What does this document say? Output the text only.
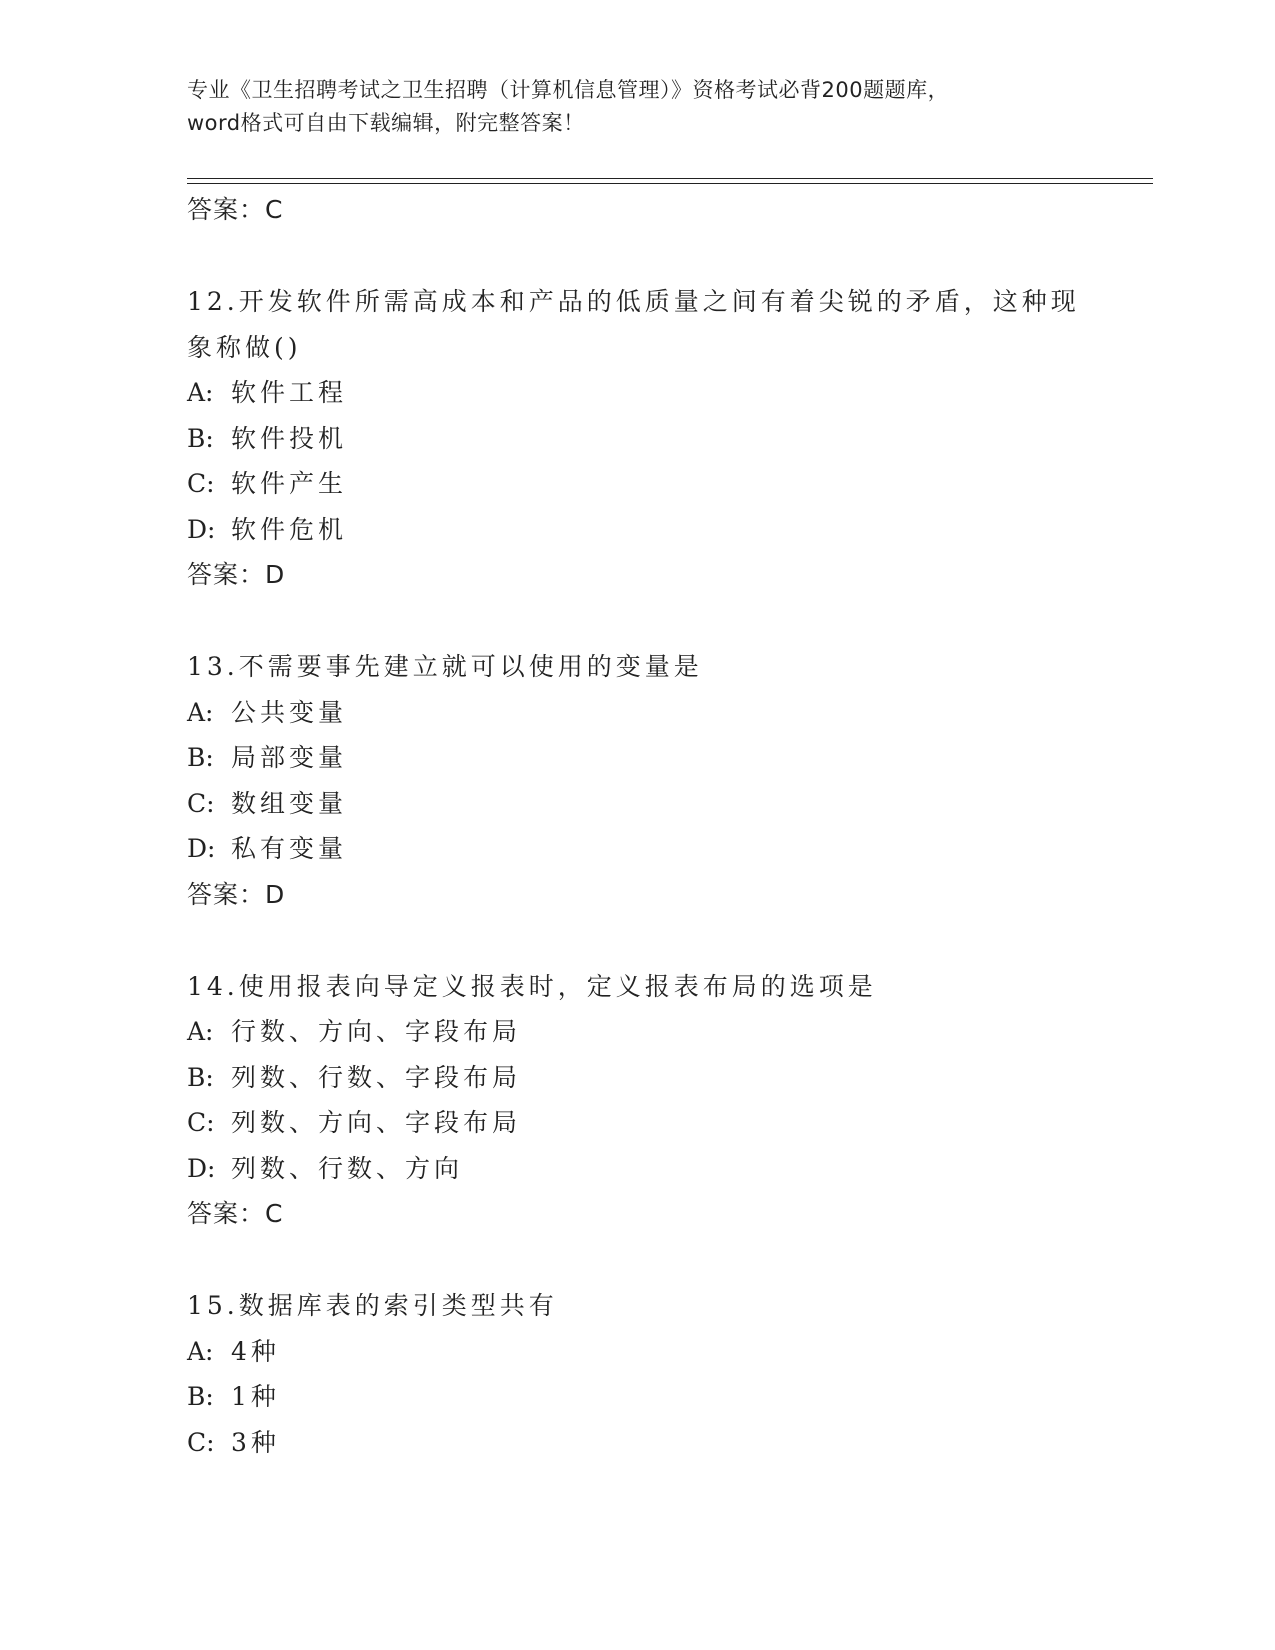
专业《卫生招聘考试之卫生招聘（计算机信息管理）》资格考试必背200题题库，
word格式可自由下载编辑，附完整答案！
答案：C
12.开发软件所需高成本和产品的低质量之间有着尖锐的矛盾，这种现
象称做()
A: 软件工程
B: 软件投机
C: 软件产生
D: 软件危机
答案：D
13.不需要事先建立就可以使用的变量是
A: 公共变量
B: 局部变量
C: 数组变量
D: 私有变量
答案：D
14.使用报表向导定义报表时，定义报表布局的选项是
A: 行数、方向、字段布局
B: 列数、行数、字段布局
C: 列数、方向、字段布局
D: 列数、行数、方向
答案：C
15.数据库表的索引类型共有
A: 4种
B: 1种
C: 3种
